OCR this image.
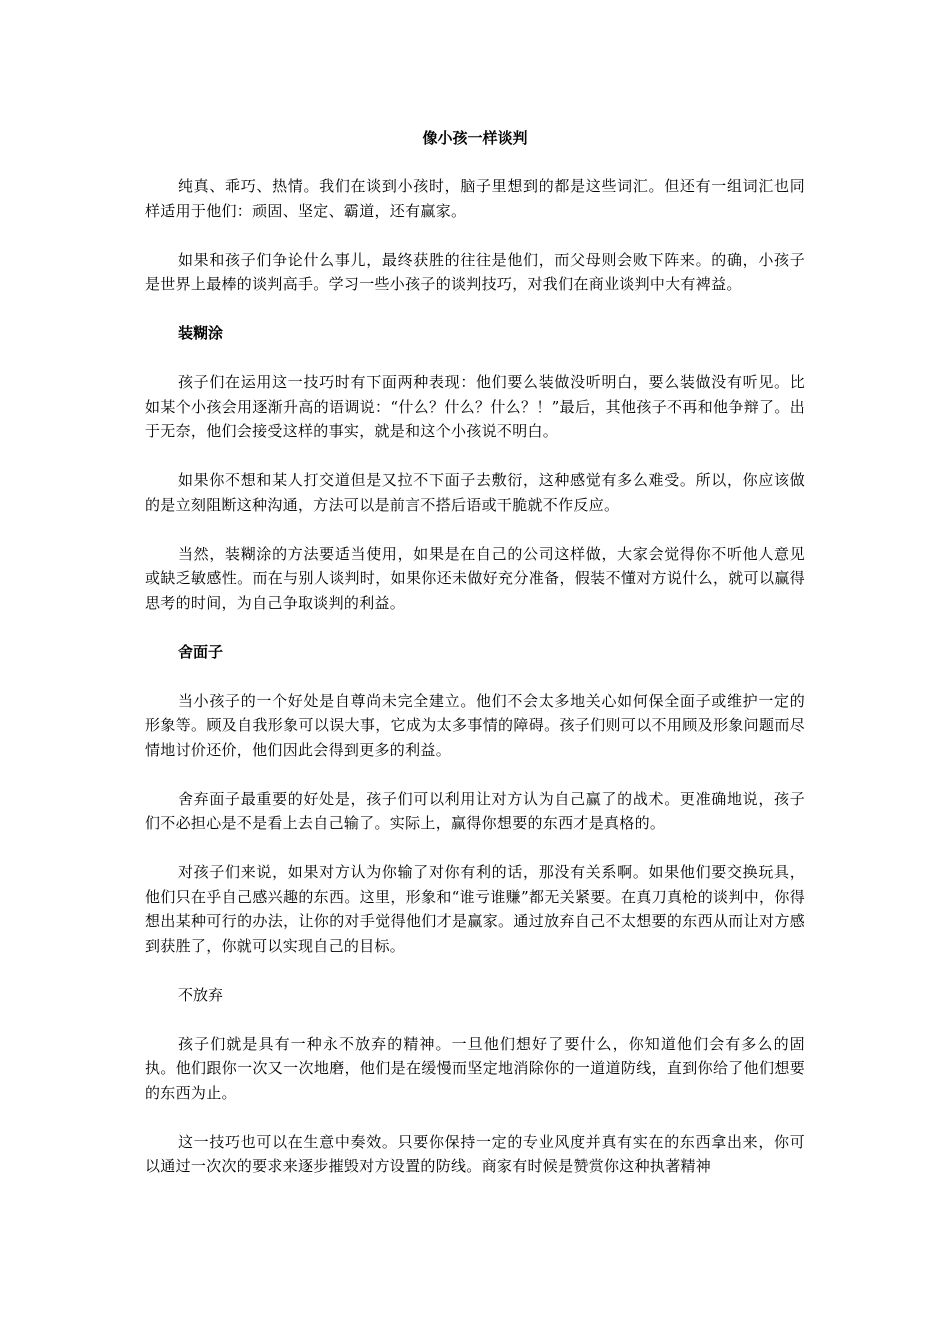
像小孩一样谈判

纯真、乖巧、热情。我们在谈到小孩时，脑子里想到的都是这些词汇。但还有一组词汇也同样适用于他们：顽固、坚定、霸道，还有赢家。

如果和孩子们争论什么事儿，最终获胜的往往是他们，而父母则会败下阵来。的确，小孩子是世界上最棒的谈判高手。学习一些小孩子的谈判技巧，对我们在商业谈判中大有裨益。

装糊涂

孩子们在运用这一技巧时有下面两种表现：他们要么装做没听明白，要么装做没有听见。比如某个小孩会用逐渐升高的语调说：“什么？什么？什么？！”最后，其他孩子不再和他争辩了。出于无奈，他们会接受这样的事实，就是和这个小孩说不明白。

如果你不想和某人打交道但是又拉不下面子去敷衍，这种感觉有多么难受。所以，你应该做的是立刻阻断这种沟通，方法可以是前言不搭后语或干脆就不作反应。

当然，装糊涂的方法要适当使用，如果是在自己的公司这样做，大家会觉得你不听他人意见或缺乏敏感性。而在与别人谈判时，如果你还未做好充分准备，假装不懂对方说什么，就可以赢得思考的时间，为自己争取谈判的利益。

舍面子

当小孩子的一个好处是自尊尚未完全建立。他们不会太多地关心如何保全面子或维护一定的形象等。顾及自我形象可以误大事，它成为太多事情的障碍。孩子们则可以不用顾及形象问题而尽情地讨价还价，他们因此会得到更多的利益。

舍弃面子最重要的好处是，孩子们可以利用让对方认为自己赢了的战术。更准确地说，孩子们不必担心是不是看上去自己输了。实际上，赢得你想要的东西才是真格的。

对孩子们来说，如果对方认为你输了对你有利的话，那没有关系啊。如果他们要交换玩具，他们只在乎自己感兴趣的东西。这里，形象和“谁亏谁赚”都无关紧要。在真刀真枪的谈判中，你得想出某种可行的办法，让你的对手觉得他们才是赢家。通过放弃自己不太想要的东西从而让对方感到获胜了，你就可以实现自己的目标。

不放弃

孩子们就是具有一种永不放弃的精神。一旦他们想好了要什么，你知道他们会有多么的固执。他们跟你一次又一次地磨，他们是在缓慢而坚定地消除你的一道道防线，直到你给了他们想要的东西为止。

这一技巧也可以在生意中奏效。只要你保持一定的专业风度并真有实在的东西拿出来，你可以通过一次次的要求来逐步摧毁对方设置的防线。商家有时候是赞赏你这种执著精神
